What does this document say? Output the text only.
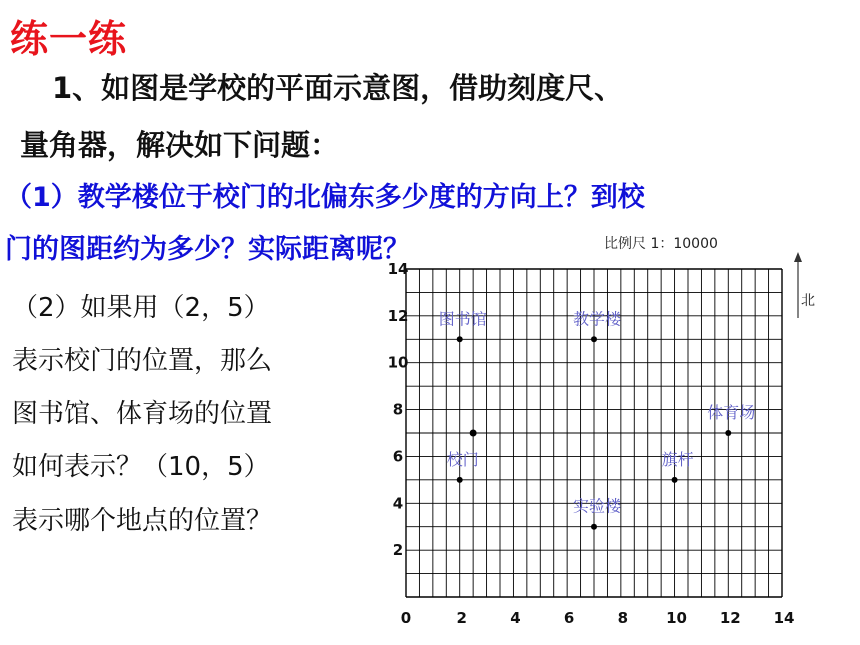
练一练
1、如图是学校的平面示意图，借助刻度尺、
量角器，解决如下问题：
（1）教学楼位于校门的北偏东多少度的方向上？到校
门的图距约为多少？实际距离呢？
（2）如果用（2，5）
表示校门的位置，那么
图书馆、体育场的位置
如何表示？（10，5）
表示哪个地点的位置？
比例尺 1：10000
北
0	2	4	6	8	10 12 14
14
12
10
8
6
4
2
图书馆	教学楼
体育场
校门	旗杆
实验楼
